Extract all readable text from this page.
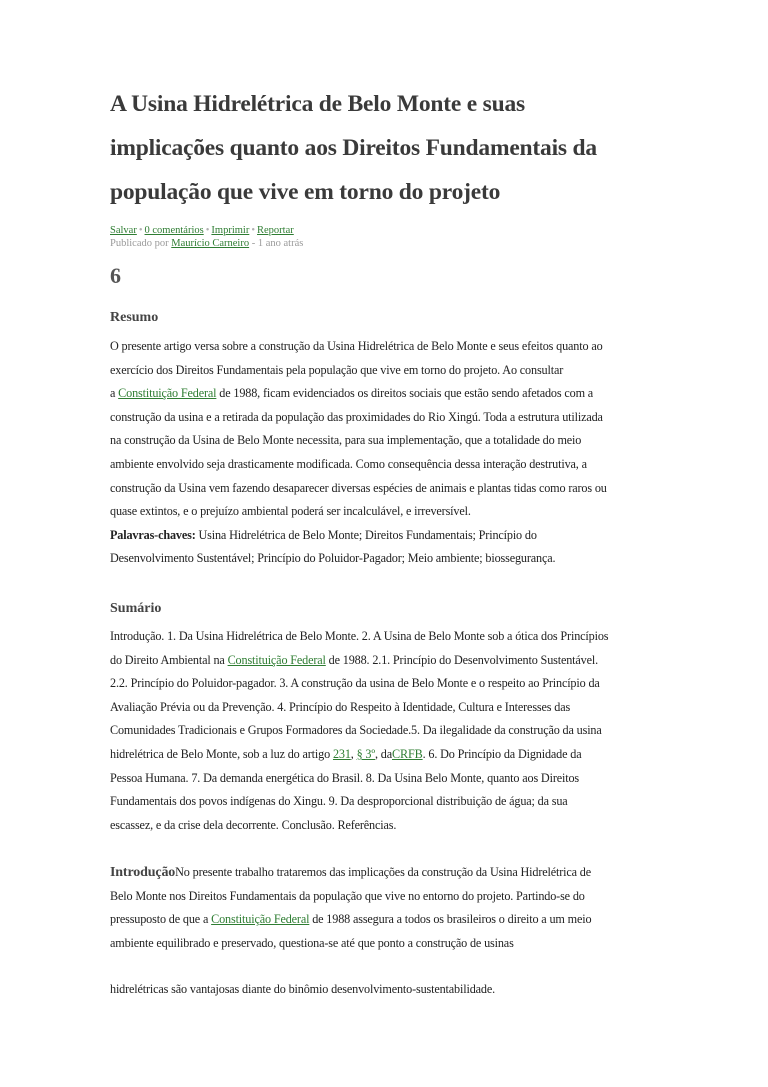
A Usina Hidrelétrica de Belo Monte e suas

implicações quanto aos Direitos Fundamentais da

população que vive em torno do projeto

Salvar • 0 comentários • Imprimir • Reportar
Publicado por Maurício Carneiro - 1 ano atrás
6

Resumo

O presente artigo versa sobre a construção da Usina Hidrelétrica de Belo Monte e seus efeitos quanto ao

exercício dos Direitos Fundamentais pela população que vive em torno do projeto. Ao consultar

a Constituição Federal de 1988, ficam evidenciados os direitos sociais que estão sendo afetados com a

construção da usina e a retirada da população das proximidades do Rio Xingú. Toda a estrutura utilizada

na construção da Usina de Belo Monte necessita, para sua implementação, que a totalidade do meio

ambiente envolvido seja drasticamente modificada. Como consequência dessa interação destrutiva, a

construção da Usina vem fazendo desaparecer diversas espécies de animais e plantas tidas como raros ou

quase extintos, e o prejuízo ambiental poderá ser incalculável, e irreversível.

Palavras-chaves: Usina Hidrelétrica de Belo Monte; Direitos Fundamentais; Princípio do

Desenvolvimento Sustentável; Princípio do Poluidor-Pagador; Meio ambiente; biossegurança.

Sumário

Introdução. 1. Da Usina Hidrelétrica de Belo Monte. 2. A Usina de Belo Monte sob a ótica dos Princípios

do Direito Ambiental na Constituição Federal de 1988. 2.1. Princípio do Desenvolvimento Sustentável.

2.2. Princípio do Poluidor-pagador. 3. A construção da usina de Belo Monte e o respeito ao Princípio da

Avaliação Prévia ou da Prevenção. 4. Princípio do Respeito à Identidade, Cultura e Interesses das

Comunidades Tradicionais e Grupos Formadores da Sociedade.5. Da ilegalidade da construção da usina

hidrelétrica de Belo Monte, sob a luz do artigo 231, § 3º, daCRFB. 6. Do Princípio da Dignidade da

Pessoa Humana. 7. Da demanda energética do Brasil. 8. Da Usina Belo Monte, quanto aos Direitos

Fundamentais dos povos indígenas do Xingu. 9. Da desproporcional distribuição de água; da sua

escassez, e da crise dela decorrente. Conclusão. Referências.

IntroduçãoNo presente trabalho trataremos das implicações da construção da Usina Hidrelétrica de

Belo Monte nos Direitos Fundamentais da população que vive no entorno do projeto. Partindo-se do

pressuposto de que a Constituição Federal de 1988 assegura a todos os brasileiros o direito a um meio

ambiente equilibrado e preservado, questiona-se até que ponto a construção de usinas

hidrelétricas são vantajosas diante do binômio desenvolvimento-sustentabilidade.
